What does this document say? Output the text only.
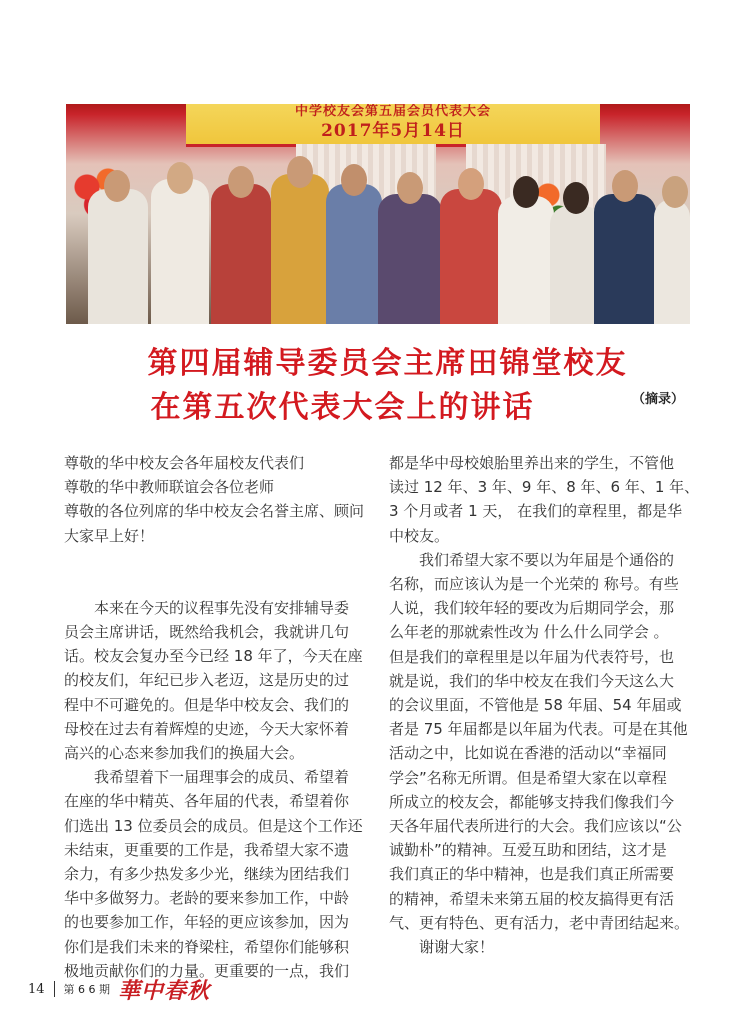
中学校友会第五届会员代表大会
2017年5月14日
第四届辅导委员会主席田锦堂校友
在第五次代表大会上的讲话	（摘录）

尊敬的华中校友会各年届校友代表们

尊敬的华中教师联谊会各位老师

尊敬的各位列席的华中校友会名誉主席、顾问

大家早上好！

本来在今天的议程事先没有安排辅导委

员会主席讲话，既然给我机会，我就讲几句

话。校友会复办至今已经 18 年了，今天在座

的校友们，年纪已步入老迈，这是历史的过

程中不可避免的。但是华中校友会、我们的

母校在过去有着辉煌的史迹，今天大家怀着

高兴的心态来参加我们的换届大会。

我希望着下一届理事会的成员、希望着

在座的华中精英、各年届的代表，希望着你

们选出 13 位委员会的成员。但是这个工作还

未结束，更重要的工作是，我希望大家不遗

余力，有多少热发多少光，继续为团结我们

华中多做努力。老龄的要来参加工作，中龄

的也要参加工作，年轻的更应该参加，因为

你们是我们未来的脊梁柱，希望你们能够积

极地贡献你们的力量。更重要的一点，我们

都是华中母校娘胎里养出来的学生，不管他

读过 12 年、3 年、9 年、8 年、6 年、1 年、

3 个月或者 1 天， 在我们的章程里，都是华

中校友。

我们希望大家不要以为年届是个通俗的

名称，而应该认为是一个光荣的 称号。有些

人说，我们较年轻的要改为后期同学会，那

么年老的那就索性改为 什么什么同学会 。

但是我们的章程里是以年届为代表符号，也

就是说，我们的华中校友在我们今天这么大

的会议里面，不管他是 58 年届、54 年届或

者是 75 年届都是以年届为代表。可是在其他

活动之中，比如说在香港的活动以“幸福同

学会”名称无所谓。但是希望大家在以章程

所成立的校友会，都能够支持我们像我们今

天各年届代表所进行的大会。我们应该以“公

诚勤朴”的精神。互爱互助和团结，这才是

我们真正的华中精神，也是我们真正所需要

的精神，希望未来第五届的校友搞得更有活

气、更有特色、更有活力，老中青团结起来。

谢谢大家！

14 第 6 6 期 華中春秋
